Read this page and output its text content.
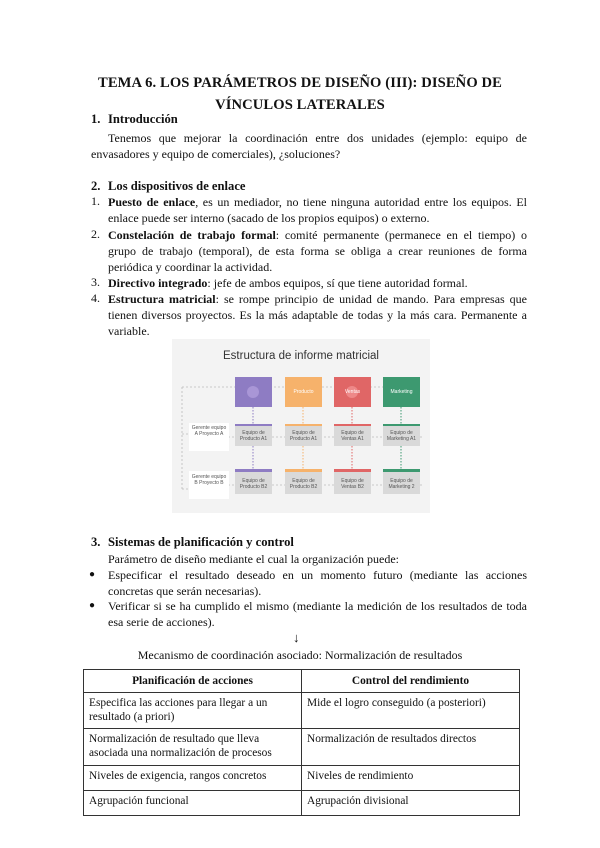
TEMA 6. LOS PARÁMETROS DE DISEÑO (III): DISEÑO DE VÍNCULOS LATERALES
1. Introducción
Tenemos que mejorar la coordinación entre dos unidades (ejemplo: equipo de envasadores y equipo de comerciales), ¿soluciones?
2. Los dispositivos de enlace
1. Puesto de enlace, es un mediador, no tiene ninguna autoridad entre los equipos. El enlace puede ser interno (sacado de los propios equipos) o externo.
2. Constelación de trabajo formal: comité permanente (permanece en el tiempo) o grupo de trabajo (temporal), de esta forma se obliga a crear reuniones de forma periódica y coordinar la actividad.
3. Directivo integrado: jefe de ambos equipos, sí que tiene autoridad formal.
4. Estructura matricial: se rompe principio de unidad de mando. Para empresas que tienen diversos proyectos. Es la más adaptable de todas y la más cara. Permanente a variable.
Estructura de informe matricial
Producto	Ventas	Marketing
Gerente equipo A Proyecto A
Gerente equipo B Proyecto B
Equipo de Producto A1
Equipo de Producto A1
Equipo de Ventas A1
Equipo de Marketing A1
Equipo de Producto B2
Equipo de Producto B2
Equipo de Ventas B2
Equipo de Marketing 2
3. Sistemas de planificación y control
Parámetro de diseño mediante el cual la organización puede:
● Especificar el resultado deseado en un momento futuro (mediante las acciones concretas que serán necesarias).
● Verificar si se ha cumplido el mismo (mediante la medición de los resultados de toda esa serie de acciones).
↓
Mecanismo de coordinación asociado: Normalización de resultados
Planificación de acciones	Control del rendimiento
Especifica las acciones para llegar a un resultado (a priori)	Mide el logro conseguido (a posteriori)
Normalización de resultado que lleva asociada una normalización de procesos	Normalización de resultados directos
Niveles de exigencia, rangos concretos	Niveles de rendimiento
Agrupación funcional	Agrupación divisional
